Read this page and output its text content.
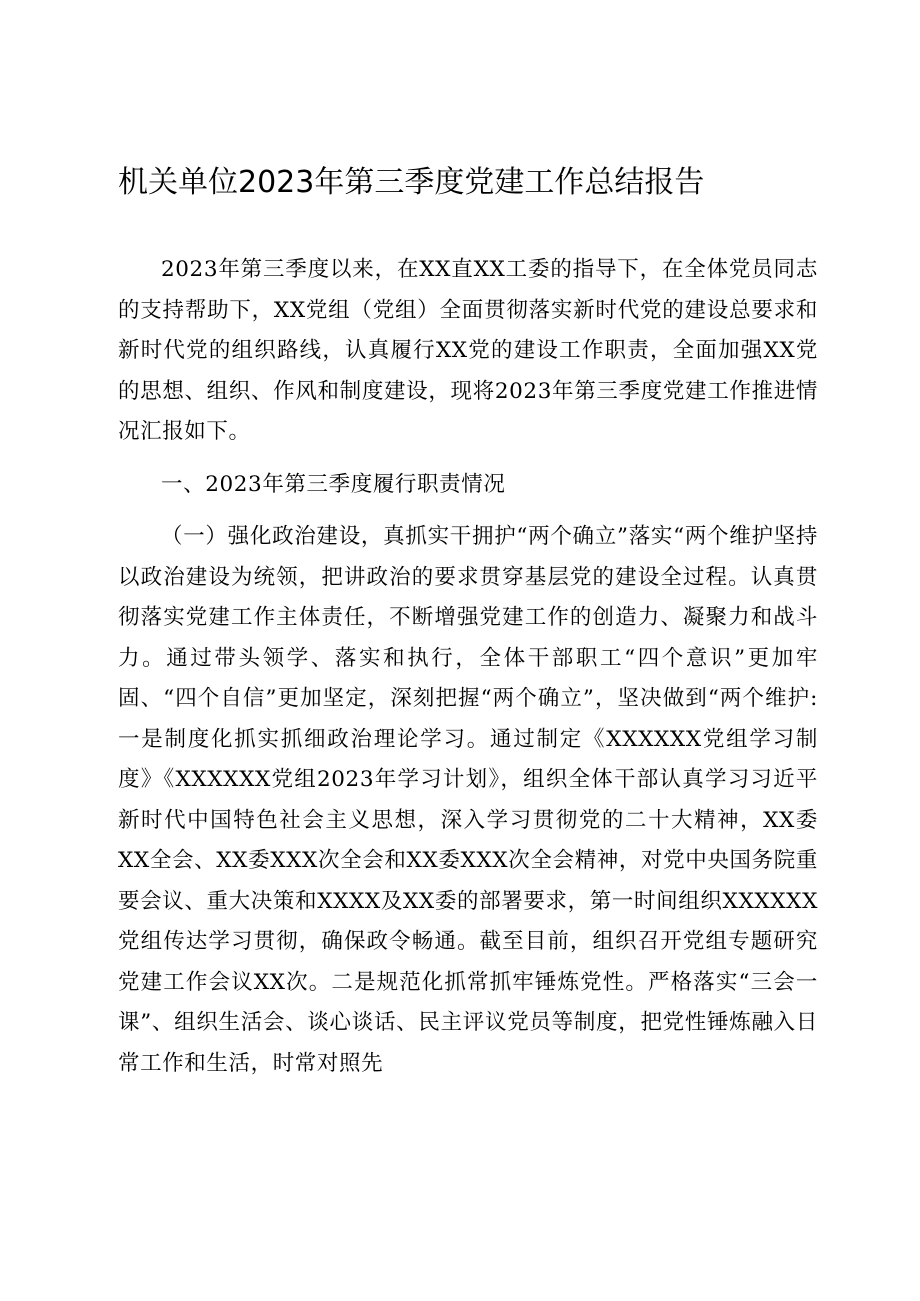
机关单位2023年第三季度党建工作总结报告

2023年第三季度以来，在XX直XX工委的指导下，在全体党员同志的支持帮助下，XX党组（党组）全面贯彻落实新时代党的建设总要求和新时代党的组织路线，认真履行XX党的建设工作职责，全面加强XX党的思想、组织、作风和制度建设，现将2023年第三季度党建工作推进情况汇报如下。

一、2023年第三季度履行职责情况

（一）强化政治建设，真抓实干拥护“两个确立”落实“两个维护坚持以政治建设为统领，把讲政治的要求贯穿基层党的建设全过程。认真贯彻落实党建工作主体责任，不断增强党建工作的创造力、凝聚力和战斗力。通过带头领学、落实和执行，全体干部职工“四个意识”更加牢固、“四个自信”更加坚定，深刻把握“两个确立”，坚决做到“两个维护:一是制度化抓实抓细政治理论学习。通过制定《XXXXXX党组学习制度》《XXXXXX党组2023年学习计划》，组织全体干部认真学习习近平新时代中国特色社会主义思想，深入学习贯彻党的二十大精神，XX委XX全会、XX委XXX次全会和XX委XXX次全会精神，对党中央国务院重要会议、重大决策和XXXX及XX委的部署要求，第一时间组织XXXXXX党组传达学习贯彻，确保政令畅通。截至目前，组织召开党组专题研究党建工作会议XX次。二是规范化抓常抓牢锤炼党性。严格落实“三会一课”、组织生活会、谈心谈话、民主评议党员等制度，把党性锤炼融入日常工作和生活，时常对照先
